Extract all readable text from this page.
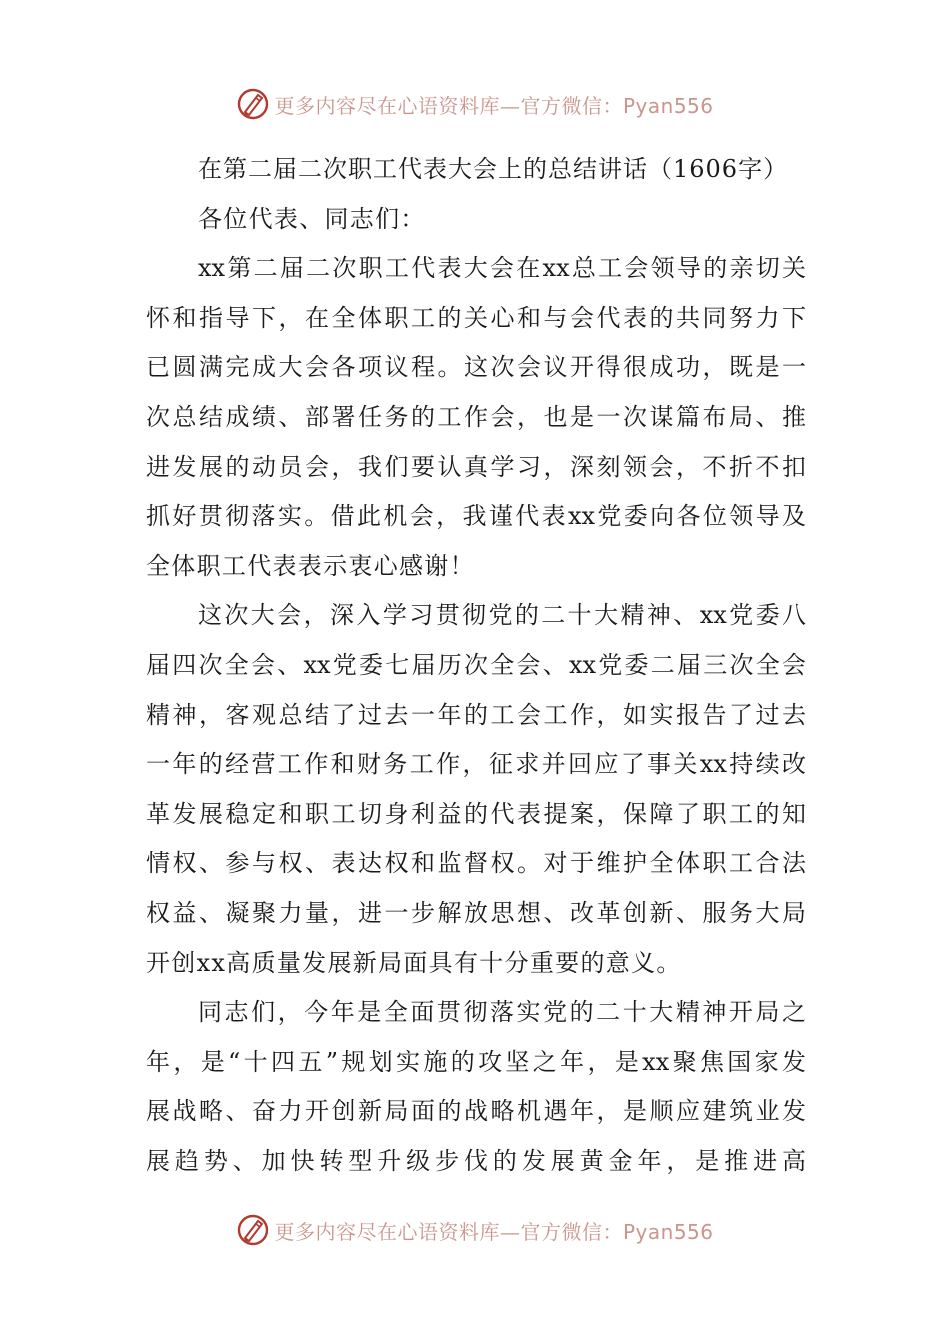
更多内容尽在心语资料库—官方微信：Pyan556
在第二届二次职工代表大会上的总结讲话（1606字）
各位代表、同志们：
xx第二届二次职工代表大会在xx总工会领导的亲切关
怀和指导下，在全体职工的关心和与会代表的共同努力下
已圆满完成大会各项议程。这次会议开得很成功，既是一
次总结成绩、部署任务的工作会，也是一次谋篇布局、推
进发展的动员会，我们要认真学习，深刻领会，不折不扣
抓好贯彻落实。借此机会，我谨代表xx党委向各位领导及
全体职工代表表示衷心感谢！
这次大会，深入学习贯彻党的二十大精神、xx党委八
届四次全会、xx党委七届历次全会、xx党委二届三次全会
精神，客观总结了过去一年的工会工作，如实报告了过去
一年的经营工作和财务工作，征求并回应了事关xx持续改
革发展稳定和职工切身利益的代表提案，保障了职工的知
情权、参与权、表达权和监督权。对于维护全体职工合法
权益、凝聚力量，进一步解放思想、改革创新、服务大局
开创xx高质量发展新局面具有十分重要的意义。
同志们，今年是全面贯彻落实党的二十大精神开局之
年，是“十四五”规划实施的攻坚之年，是xx聚焦国家发
展战略、奋力开创新局面的战略机遇年，是顺应建筑业发
展趋势、加快转型升级步伐的发展黄金年，是推进高
更多内容尽在心语资料库—官方微信：Pyan556
